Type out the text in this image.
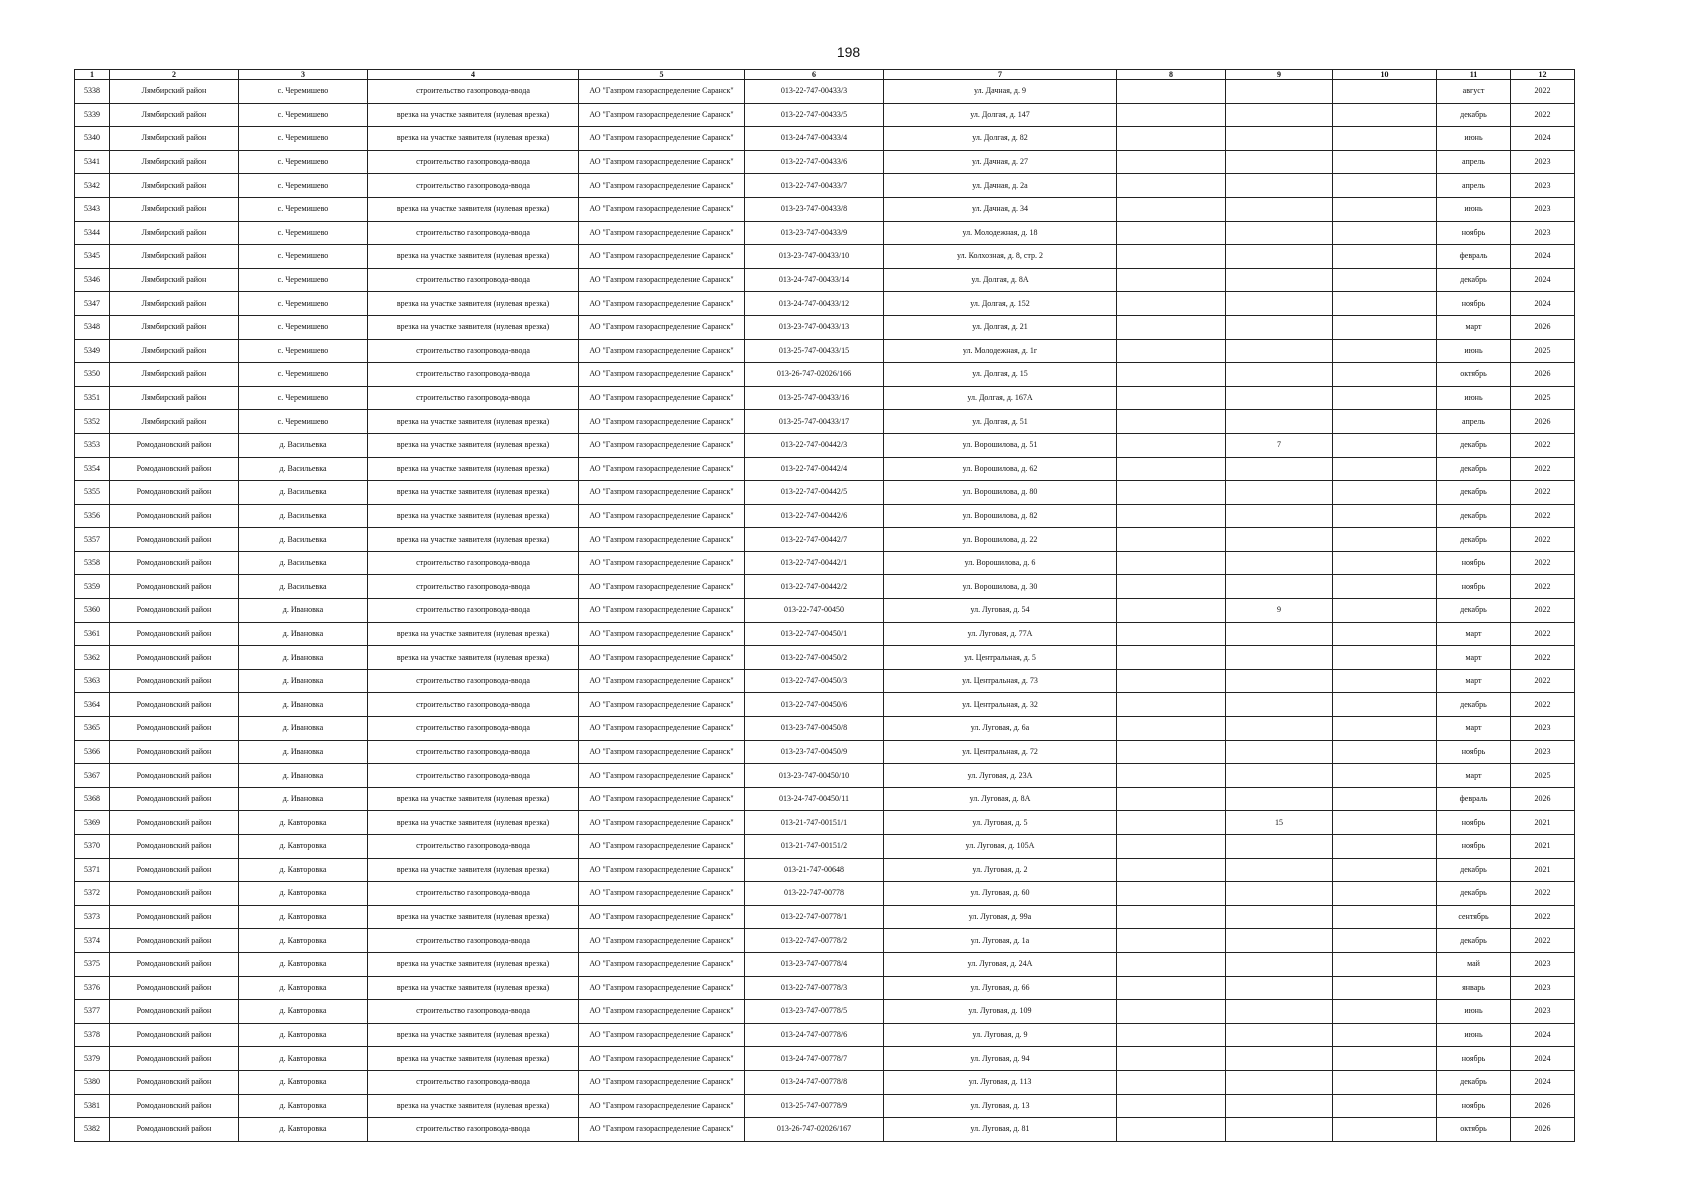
198
1	2	3	4	5	6	7	8	9	10	11	12
5338	Лямбирский район	с. Черемишево	строительство газопровода-ввода	АО "Газпром газораспределение Саранск"	013-22-747-00433/3	ул. Дачная, д. 9				август	2022
5339	Лямбирский район	с. Черемишево	врезка на участке заявителя (нулевая врезка)	АО "Газпром газораспределение Саранск"	013-22-747-00433/5	ул. Долгая, д. 147				декабрь	2022
5340	Лямбирский район	с. Черемишево	врезка на участке заявителя (нулевая врезка)	АО "Газпром газораспределение Саранск"	013-24-747-00433/4	ул. Долгая, д. 82				июнь	2024
5341	Лямбирский район	с. Черемишево	строительство газопровода-ввода	АО "Газпром газораспределение Саранск"	013-22-747-00433/6	ул. Дачная, д. 27				апрель	2023
5342	Лямбирский район	с. Черемишево	строительство газопровода-ввода	АО "Газпром газораспределение Саранск"	013-22-747-00433/7	ул. Дачная, д. 2а				апрель	2023
5343	Лямбирский район	с. Черемишево	врезка на участке заявителя (нулевая врезка)	АО "Газпром газораспределение Саранск"	013-23-747-00433/8	ул. Дачная, д. 34				июнь	2023
5344	Лямбирский район	с. Черемишево	строительство газопровода-ввода	АО "Газпром газораспределение Саранск"	013-23-747-00433/9	ул. Молодежная, д. 18				ноябрь	2023
5345	Лямбирский район	с. Черемишево	врезка на участке заявителя (нулевая врезка)	АО "Газпром газораспределение Саранск"	013-23-747-00433/10	ул. Колхозная, д. 8, стр. 2				февраль	2024
5346	Лямбирский район	с. Черемишево	строительство газопровода-ввода	АО "Газпром газораспределение Саранск"	013-24-747-00433/14	ул. Долгая, д. 8А				декабрь	2024
5347	Лямбирский район	с. Черемишево	врезка на участке заявителя (нулевая врезка)	АО "Газпром газораспределение Саранск"	013-24-747-00433/12	ул. Долгая, д. 152				ноябрь	2024
5348	Лямбирский район	с. Черемишево	врезка на участке заявителя (нулевая врезка)	АО "Газпром газораспределение Саранск"	013-23-747-00433/13	ул. Долгая, д. 21				март	2026
5349	Лямбирский район	с. Черемишево	строительство газопровода-ввода	АО "Газпром газораспределение Саранск"	013-25-747-00433/15	ул. Молодежная, д. 1г				июнь	2025
5350	Лямбирский район	с. Черемишево	строительство газопровода-ввода	АО "Газпром газораспределение Саранск"	013-26-747-02026/166	ул. Долгая, д. 15				октябрь	2026
5351	Лямбирский район	с. Черемишево	строительство газопровода-ввода	АО "Газпром газораспределение Саранск"	013-25-747-00433/16	ул. Долгая, д. 167А				июнь	2025
5352	Лямбирский район	с. Черемишево	врезка на участке заявителя (нулевая врезка)	АО "Газпром газораспределение Саранск"	013-25-747-00433/17	ул. Долгая, д. 51				апрель	2026
5353	Ромодановский район	д. Васильевка	врезка на участке заявителя (нулевая врезка)	АО "Газпром газораспределение Саранск"	013-22-747-00442/3	ул. Ворошилова, д. 51		7		декабрь	2022
5354	Ромодановский район	д. Васильевка	врезка на участке заявителя (нулевая врезка)	АО "Газпром газораспределение Саранск"	013-22-747-00442/4	ул. Ворошилова, д. 62				декабрь	2022
5355	Ромодановский район	д. Васильевка	врезка на участке заявителя (нулевая врезка)	АО "Газпром газораспределение Саранск"	013-22-747-00442/5	ул. Ворошилова, д. 80				декабрь	2022
5356	Ромодановский район	д. Васильевка	врезка на участке заявителя (нулевая врезка)	АО "Газпром газораспределение Саранск"	013-22-747-00442/6	ул. Ворошилова, д. 82				декабрь	2022
5357	Ромодановский район	д. Васильевка	врезка на участке заявителя (нулевая врезка)	АО "Газпром газораспределение Саранск"	013-22-747-00442/7	ул. Ворошилова, д. 22				декабрь	2022
5358	Ромодановский район	д. Васильевка	строительство газопровода-ввода	АО "Газпром газораспределение Саранск"	013-22-747-00442/1	ул. Ворошилова, д. 6				ноябрь	2022
5359	Ромодановский район	д. Васильевка	строительство газопровода-ввода	АО "Газпром газораспределение Саранск"	013-22-747-00442/2	ул. Ворошилова, д. 30				ноябрь	2022
5360	Ромодановский район	д. Ивановка	строительство газопровода-ввода	АО "Газпром газораспределение Саранск"	013-22-747-00450	ул. Луговая, д. 54		9		декабрь	2022
5361	Ромодановский район	д. Ивановка	врезка на участке заявителя (нулевая врезка)	АО "Газпром газораспределение Саранск"	013-22-747-00450/1	ул. Луговая, д. 77А				март	2022
5362	Ромодановский район	д. Ивановка	врезка на участке заявителя (нулевая врезка)	АО "Газпром газораспределение Саранск"	013-22-747-00450/2	ул. Центральная, д. 5				март	2022
5363	Ромодановский район	д. Ивановка	строительство газопровода-ввода	АО "Газпром газораспределение Саранск"	013-22-747-00450/3	ул. Центральная, д. 73				март	2022
5364	Ромодановский район	д. Ивановка	строительство газопровода-ввода	АО "Газпром газораспределение Саранск"	013-22-747-00450/6	ул. Центральная, д. 32				декабрь	2022
5365	Ромодановский район	д. Ивановка	строительство газопровода-ввода	АО "Газпром газораспределение Саранск"	013-23-747-00450/8	ул. Луговая, д. 6а				март	2023
5366	Ромодановский район	д. Ивановка	строительство газопровода-ввода	АО "Газпром газораспределение Саранск"	013-23-747-00450/9	ул. Центральная, д. 72				ноябрь	2023
5367	Ромодановский район	д. Ивановка	строительство газопровода-ввода	АО "Газпром газораспределение Саранск"	013-23-747-00450/10	ул. Луговая, д. 23А				март	2025
5368	Ромодановский район	д. Ивановка	врезка на участке заявителя (нулевая врезка)	АО "Газпром газораспределение Саранск"	013-24-747-00450/11	ул. Луговая, д. 8А				февраль	2026
5369	Ромодановский район	д. Кавторовка	врезка на участке заявителя (нулевая врезка)	АО "Газпром газораспределение Саранск"	013-21-747-00151/1	ул. Луговая, д. 5		15		ноябрь	2021
5370	Ромодановский район	д. Кавторовка	строительство газопровода-ввода	АО "Газпром газораспределение Саранск"	013-21-747-00151/2	ул. Луговая, д. 105А				ноябрь	2021
5371	Ромодановский район	д. Кавторовка	врезка на участке заявителя (нулевая врезка)	АО "Газпром газораспределение Саранск"	013-21-747-00648	ул. Луговая, д. 2				декабрь	2021
5372	Ромодановский район	д. Кавторовка	строительство газопровода-ввода	АО "Газпром газораспределение Саранск"	013-22-747-00778	ул. Луговая, д. 60				декабрь	2022
5373	Ромодановский район	д. Кавторовка	врезка на участке заявителя (нулевая врезка)	АО "Газпром газораспределение Саранск"	013-22-747-00778/1	ул. Луговая, д. 99а				сентябрь	2022
5374	Ромодановский район	д. Кавторовка	строительство газопровода-ввода	АО "Газпром газораспределение Саранск"	013-22-747-00778/2	ул. Луговая, д. 1а				декабрь	2022
5375	Ромодановский район	д. Кавторовка	врезка на участке заявителя (нулевая врезка)	АО "Газпром газораспределение Саранск"	013-23-747-00778/4	ул. Луговая, д. 24А				май	2023
5376	Ромодановский район	д. Кавторовка	врезка на участке заявителя (нулевая врезка)	АО "Газпром газораспределение Саранск"	013-22-747-00778/3	ул. Луговая, д. 66				январь	2023
5377	Ромодановский район	д. Кавторовка	строительство газопровода-ввода	АО "Газпром газораспределение Саранск"	013-23-747-00778/5	ул. Луговая, д. 109				июнь	2023
5378	Ромодановский район	д. Кавторовка	врезка на участке заявителя (нулевая врезка)	АО "Газпром газораспределение Саранск"	013-24-747-00778/6	ул. Луговая, д. 9				июнь	2024
5379	Ромодановский район	д. Кавторовка	врезка на участке заявителя (нулевая врезка)	АО "Газпром газораспределение Саранск"	013-24-747-00778/7	ул. Луговая, д. 94				ноябрь	2024
5380	Ромодановский район	д. Кавторовка	строительство газопровода-ввода	АО "Газпром газораспределение Саранск"	013-24-747-00778/8	ул. Луговая, д. 113				декабрь	2024
5381	Ромодановский район	д. Кавторовка	врезка на участке заявителя (нулевая врезка)	АО "Газпром газораспределение Саранск"	013-25-747-00778/9	ул. Луговая, д. 13				ноябрь	2026
5382	Ромодановский район	д. Кавторовка	строительство газопровода-ввода	АО "Газпром газораспределение Саранск"	013-26-747-02026/167	ул. Луговая, д. 81				октябрь	2026
